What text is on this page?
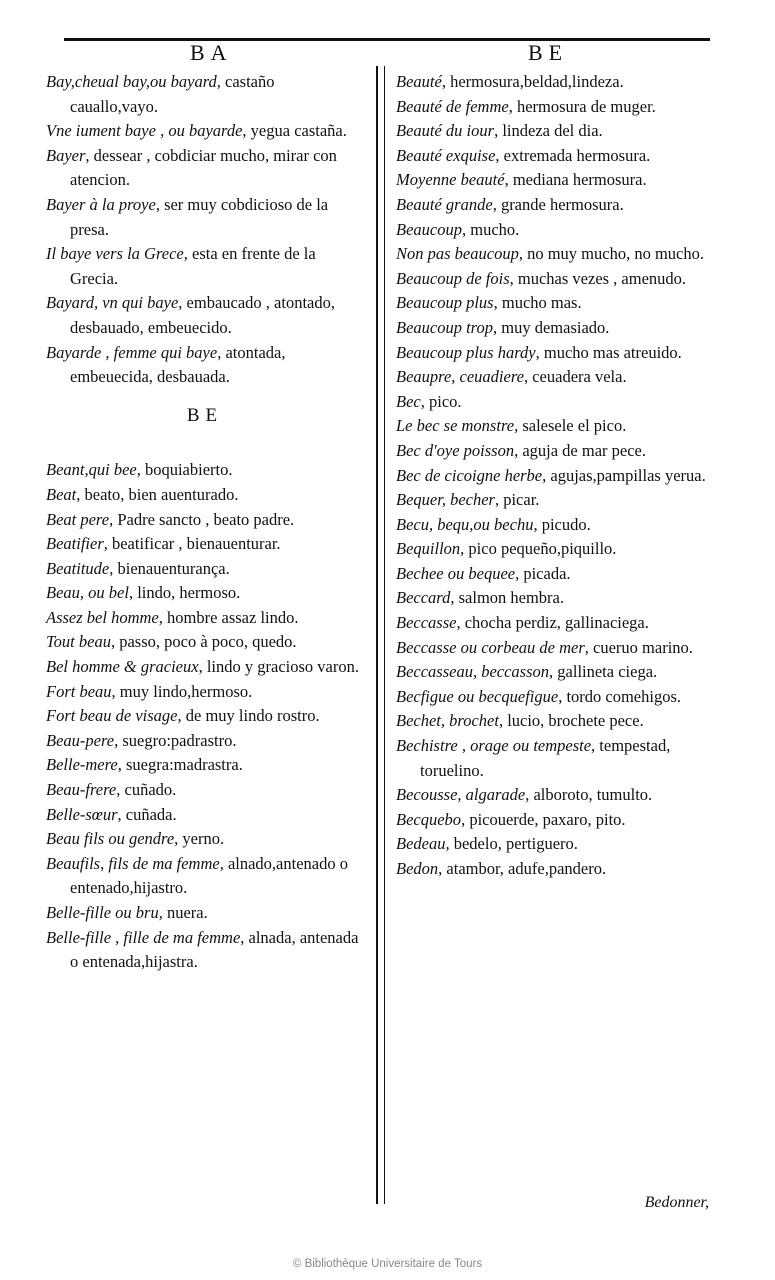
BA	BE

Bay,cheual bay,ou bayard, castaño cauallo,vayo.

Vne iument baye , ou bayarde, yegua castaña.

Bayer, dessear , cobdiciar mucho, mirar con atencion.

Bayer à la proye, ser muy cobdicioso de la presa.

Il baye vers la Grece, esta en frente de la Grecia.

Bayard, vn qui baye, embaucado , atontado, desbauado, embeuecido.

Bayarde , femme qui baye, atontada, embeuecida, desbauada.

BE

Beant,qui bee, boquiabierto.

Beat, beato, bien auenturado.

Beat pere, Padre sancto , beato padre.

Beatifier, beatificar , bienauenturar.

Beatitude, bienauenturança.

Beau, ou bel, lindo, hermoso.

Assez bel homme, hombre assaz lindo.

Tout beau, passo, poco à poco, quedo.

Bel homme & gracieux, lindo y gracioso varon.

Fort beau, muy lindo,hermoso.

Fort beau de visage, de muy lindo rostro.

Beau-pere, suegro:padrastro.

Belle-mere, suegra:madrastra.

Beau-frere, cuñado.

Belle-sœur, cuñada.

Beau fils ou gendre, yerno.

Beaufils, fils de ma femme, alnado,antenado o entenado,hijastro.

Belle-fille ou bru, nuera.

Belle-fille , fille de ma femme, alnada, antenada o entenada,hijastra.

Beauté, hermosura,beldad,lindeza.

Beauté de femme, hermosura de muger.

Beauté du iour, lindeza del dia.

Beauté exquise, extremada hermosura.

Moyenne beauté, mediana hermosura.

Beauté grande, grande hermosura.

Beaucoup, mucho.

Non pas beaucoup, no muy mucho, no mucho.

Beaucoup de fois, muchas vezes , amenudo.

Beaucoup plus, mucho mas.

Beaucoup trop, muy demasiado.

Beaucoup plus hardy, mucho mas atreuido.

Beaupre, ceuadiere, ceuadera vela.

Bec, pico.

Le bec se monstre, salesele el pico.

Bec d'oye poisson, aguja de mar pece.

Bec de cicoigne herbe, agujas,pampillas yerua.

Bequer, becher, picar.

Becu, bequ,ou bechu, picudo.

Bequillon, pico pequeño,piquillo.

Bechee ou bequee, picada.

Beccard, salmon hembra.

Beccasse, chocha perdiz, gallinaciega.

Beccasse ou corbeau de mer, cueruo marino.

Beccasseau, beccasson, gallineta ciega.

Becfigue ou becquefigue, tordo comehigos.

Bechet, brochet, lucio, brochete pece.

Bechistre , orage ou tempeste, tempestad, toruelino.

Becousse, algarade, alboroto, tumulto.

Becquebo, picouerde, paxaro, pito.

Bedeau, bedelo, pertiguero.

Bedon, atambor, adufe,pandero.

Bedonner,
© Bibliothèque Universitaire de Tours
